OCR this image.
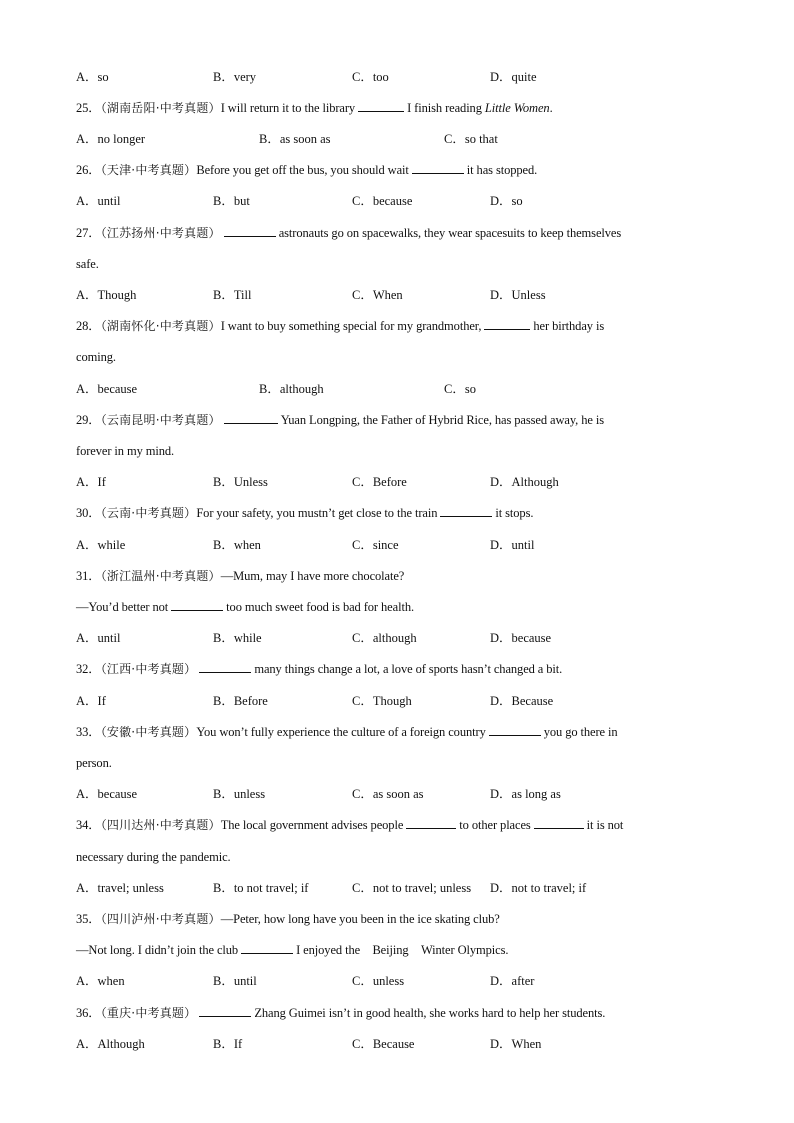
A．so	B．very	C．too	D．quite
25．（湖南岳阳·中考真题）I will return it to the library	I finish reading Little Women.
A．no longer	B．as soon as	C．so that
26．（天津·中考真题）Before you get off the bus, you should wait	it has stopped.
A．until	B．but	C．because	D．so
27．（江苏扬州·中考真题）	astronauts go on spacewalks, they wear spacesuits to keep themselves
safe.
A．Though	B．Till	C．When	D．Unless
28．（湖南怀化·中考真题）I want to buy something special for my grandmother,	her birthday is
coming.
A．because	B．although	C．so
29．（云南昆明·中考真题）	Yuan Longping, the Father of Hybrid Rice, has passed away, he is
forever in my mind.
A．If	B．Unless	C．Before	D．Although
30．（云南·中考真题）For your safety, you mustn’t get close to the train	it stops.
A．while	B．when	C．since	D．until
31．（浙江温州·中考真题）—Mum, may I have more chocolate?
—You’d better not	too much sweet food is bad for health.
A．until	B．while	C．although	D．because
32．（江西·中考真题）	many things change a lot, a love of sports hasn’t changed a bit.
A．If	B．Before	C．Though	D．Because
33．（安徽·中考真题）You won’t fully experience the culture of a foreign country	you go there in
person.
A．because	B．unless	C．as soon as	D．as long as
34．（四川达州·中考真题）The local government advises people	to other places	it is not
necessary during the pandemic.
A．travel; unless	B．to not travel; if	C．not to travel; unless D．not to travel; if
35．（四川泸州·中考真题）—Peter, how long have you been in the ice skating club?
—Not long. I didn’t join the club	I enjoyed the　Beijing　Winter Olympics.
A．when	B．until	C．unless	D．after
36．（重庆·中考真题）	Zhang Guimei isn’t in good health, she works hard to help her students.
A．Although	B．If	C．Because	D．When
